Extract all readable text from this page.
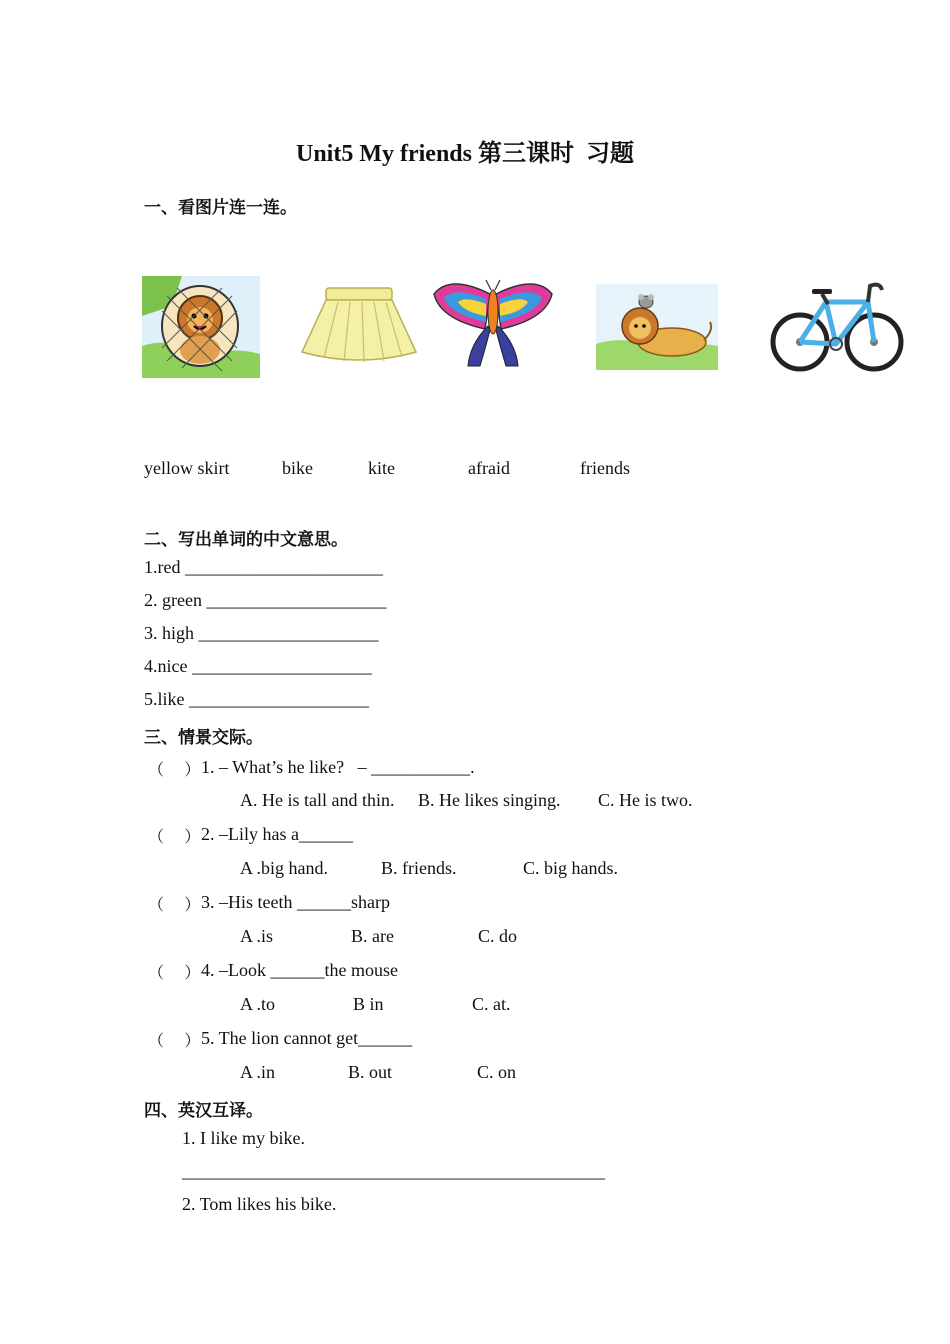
Unit5 My friends 第三课时  习题
一、看图片连一连。
yellow skirt	bike	kite	afraid	friends
二、写出单词的中文意思。
1.red ______________________
2. green ____________________
3. high ____________________
4.nice ____________________
5.like ____________________
三、情景交际。
（    ） 1. – What’s he like?   – ___________.
A. He is tall and thin. B. He likes singing. C. He is two.
（    ） 2. –Lily has a______
A .big hand.	B. friends.	C. big hands.
（    ） 3. –His teeth ______sharp
A .is	B. are	C. do
（    ） 4. –Look ______the mouse
A .to	B in	C. at.
（    ） 5. The lion cannot get______
A .in	B. out	C. on
四、英汉互译。
1. I like my bike.
_______________________________________________
2. Tom likes his bike.
